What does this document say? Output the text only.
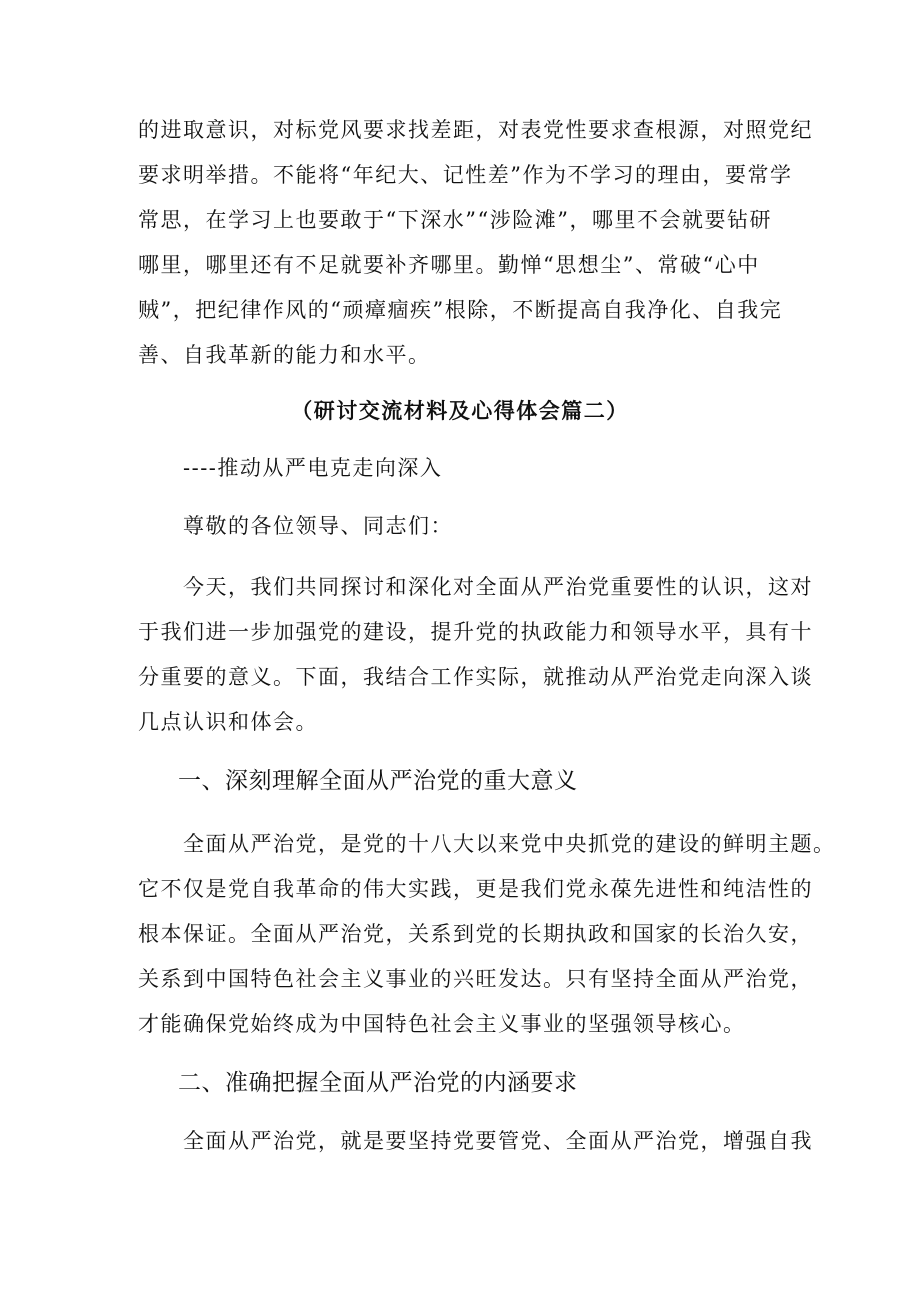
的进取意识，对标党风要求找差距，对表党性要求查根源，对照党纪
要求明举措。不能将“年纪大、记性差”作为不学习的理由，要常学
常思，在学习上也要敢于“下深水”“涉险滩”，哪里不会就要钻研
哪里，哪里还有不足就要补齐哪里。勤惮“思想尘”、常破“心中
贼”，把纪律作风的“顽瘴痼疾”根除，不断提高自我净化、自我完
善、自我革新的能力和水平。
（研讨交流材料及心得体会篇二）
----推动从严电克走向深入
尊敬的各位领导、同志们：
今天，我们共同探讨和深化对全面从严治党重要性的认识，这对
于我们进一步加强党的建设，提升党的执政能力和领导水平，具有十
分重要的意义。下面，我结合工作实际，就推动从严治党走向深入谈
几点认识和体会。
一、深刻理解全面从严治党的重大意义
全面从严治党，是党的十八大以来党中央抓党的建设的鲜明主题。
它不仅是党自我革命的伟大实践，更是我们党永葆先进性和纯洁性的
根本保证。全面从严治党，关系到党的长期执政和国家的长治久安，
关系到中国特色社会主义事业的兴旺发达。只有坚持全面从严治党，
才能确保党始终成为中国特色社会主义事业的坚强领导核心。
二、准确把握全面从严治党的内涵要求
全面从严治党，就是要坚持党要管党、全面从严治党，增强自我
